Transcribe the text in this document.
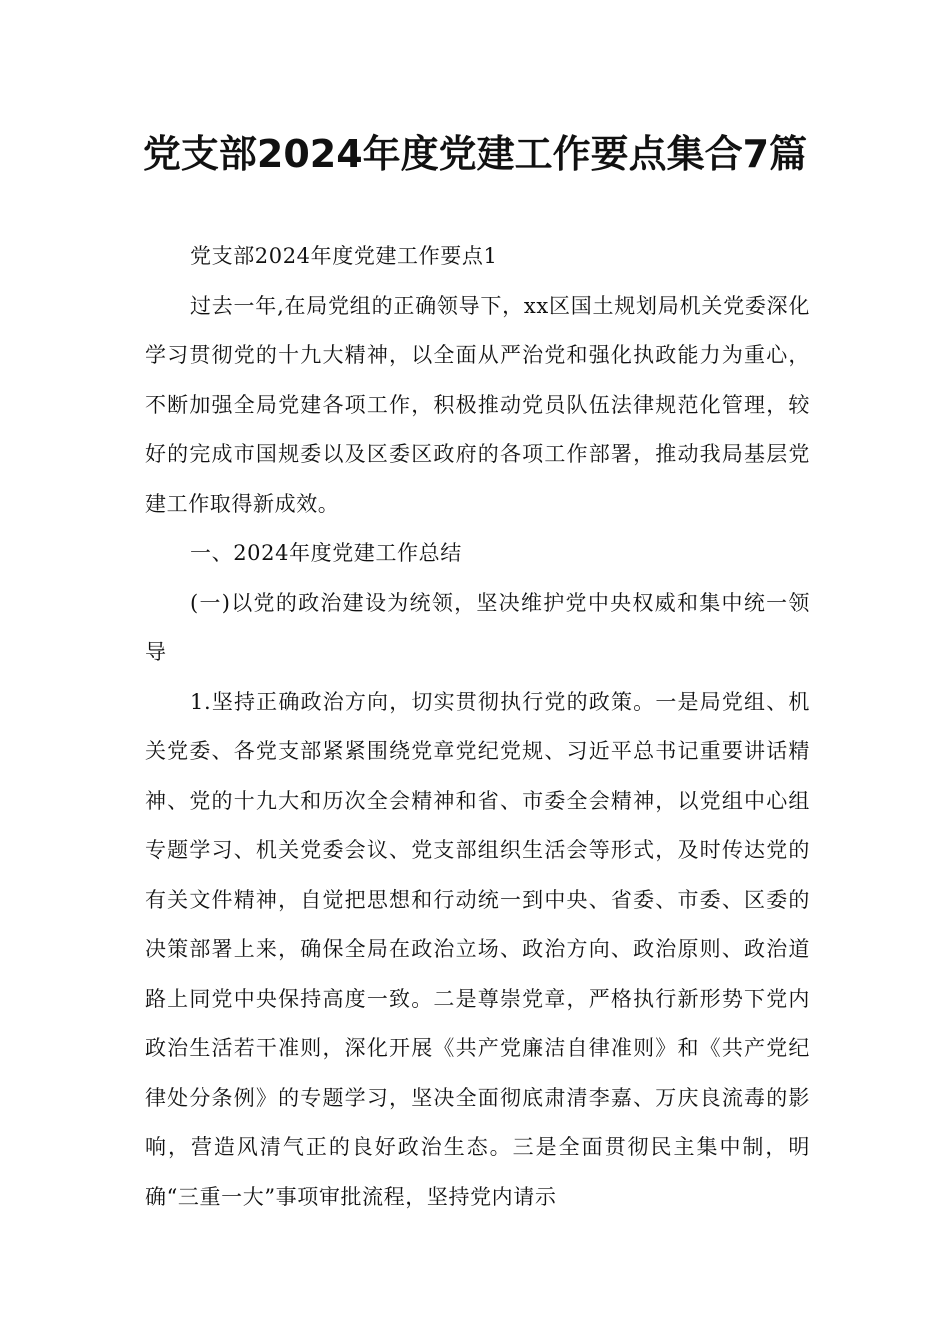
党支部2024年度党建工作要点集合7篇

党支部2024年度党建工作要点1

过去一年,在局党组的正确领导下，xx区国土规划局机关党委深化学习贯彻党的十九大精神，以全面从严治党和强化执政能力为重心，不断加强全局党建各项工作，积极推动党员队伍法律规范化管理，较好的完成市国规委以及区委区政府的各项工作部署，推动我局基层党建工作取得新成效。

一、2024年度党建工作总结

(一)以党的政治建设为统领，坚决维护党中央权威和集中统一领导

1.坚持正确政治方向，切实贯彻执行党的政策。一是局党组、机关党委、各党支部紧紧围绕党章党纪党规、习近平总书记重要讲话精神、党的十九大和历次全会精神和省、市委全会精神，以党组中心组专题学习、机关党委会议、党支部组织生活会等形式，及时传达党的有关文件精神，自觉把思想和行动统一到中央、省委、市委、区委的决策部署上来，确保全局在政治立场、政治方向、政治原则、政治道路上同党中央保持高度一致。二是尊崇党章，严格执行新形势下党内政治生活若干准则，深化开展《共产党廉洁自律准则》和《共产党纪律处分条例》的专题学习，坚决全面彻底肃清李嘉、万庆良流毒的影响，营造风清气正的良好政治生态。三是全面贯彻民主集中制，明确“三重一大”事项审批流程，坚持党内请示
